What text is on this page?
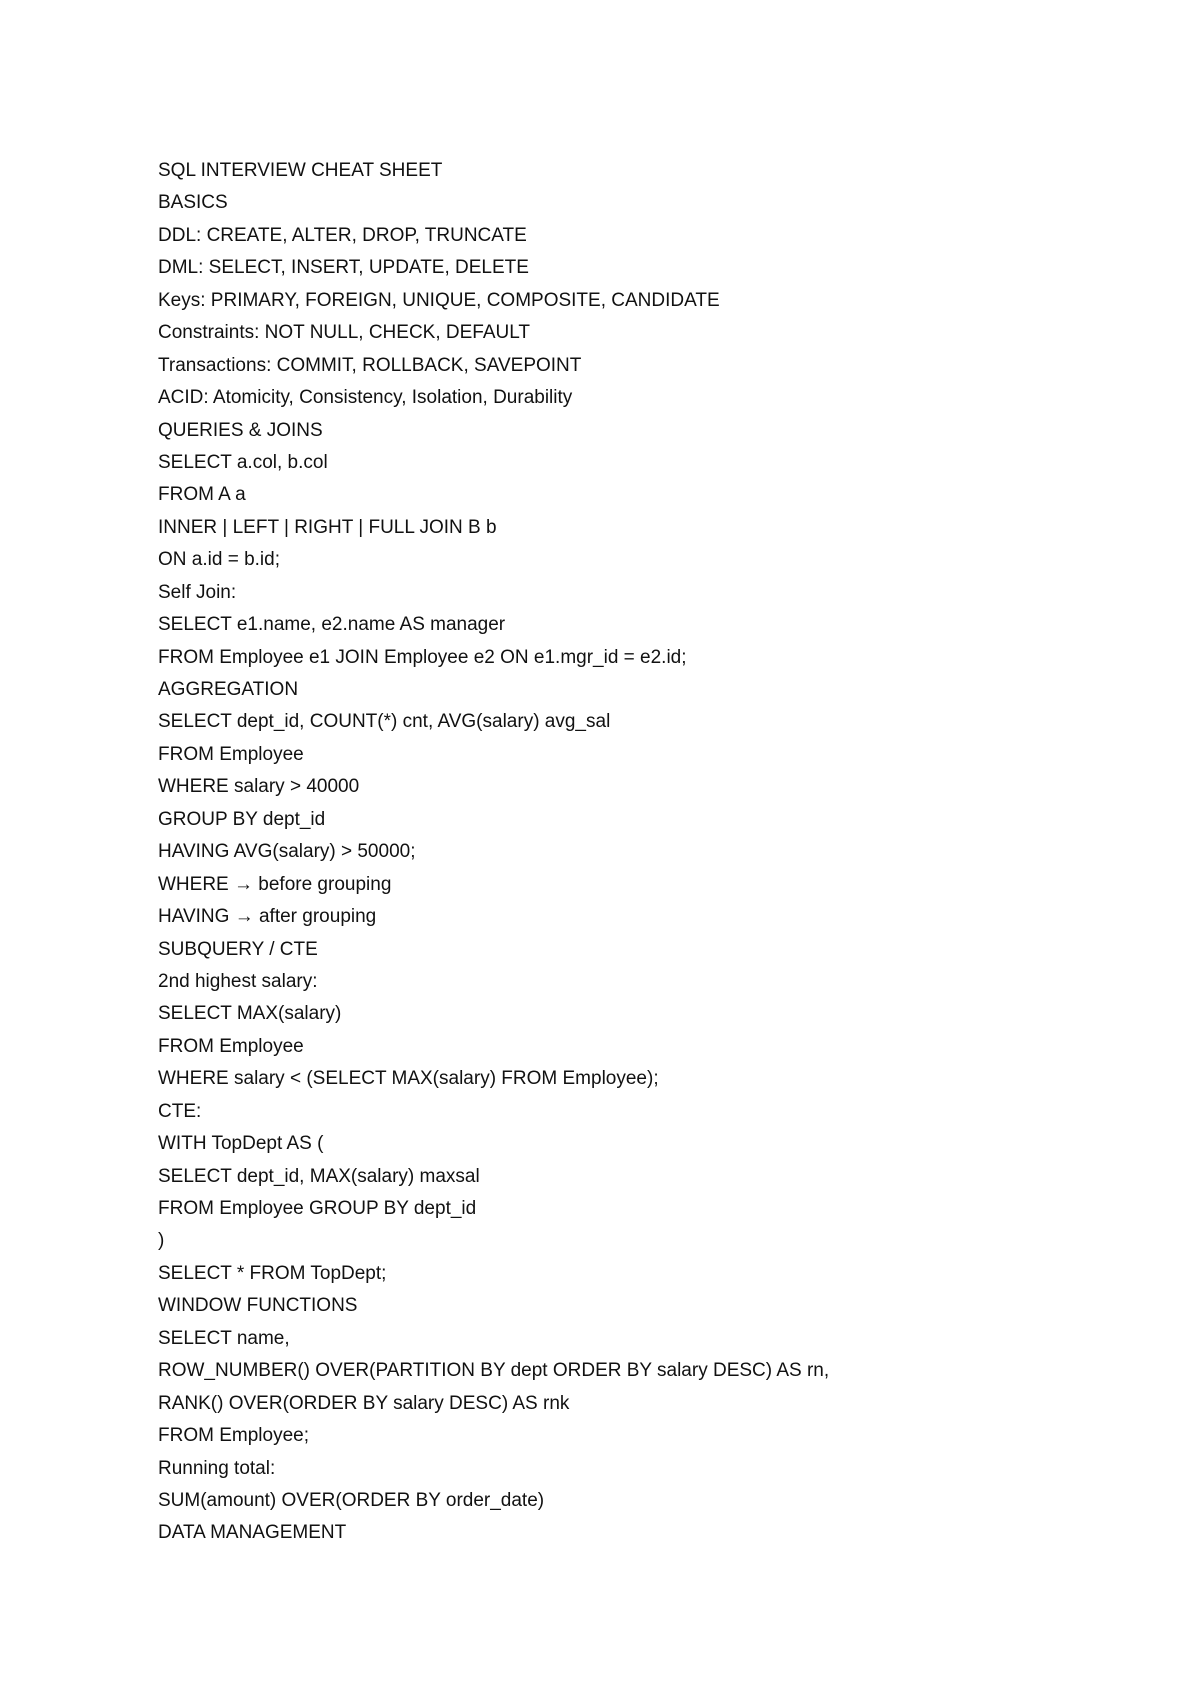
SQL INTERVIEW CHEAT SHEET
BASICS
DDL: CREATE, ALTER, DROP, TRUNCATE
DML: SELECT, INSERT, UPDATE, DELETE
Keys: PRIMARY, FOREIGN, UNIQUE, COMPOSITE, CANDIDATE
Constraints: NOT NULL, CHECK, DEFAULT
Transactions: COMMIT, ROLLBACK, SAVEPOINT
ACID: Atomicity, Consistency, Isolation, Durability
QUERIES & JOINS
SELECT a.col, b.col
FROM A a
INNER | LEFT | RIGHT | FULL JOIN B b
ON a.id = b.id;
Self Join:
SELECT e1.name, e2.name AS manager
FROM Employee e1 JOIN Employee e2 ON e1.mgr_id = e2.id;
AGGREGATION
SELECT dept_id, COUNT(*) cnt, AVG(salary) avg_sal
FROM Employee
WHERE salary > 40000
GROUP BY dept_id
HAVING AVG(salary) > 50000;
WHERE → before grouping
HAVING → after grouping
SUBQUERY / CTE
2nd highest salary:
SELECT MAX(salary)
FROM Employee
WHERE salary < (SELECT MAX(salary) FROM Employee);
CTE:
WITH TopDept AS (
SELECT dept_id, MAX(salary) maxsal
FROM Employee GROUP BY dept_id
)
SELECT * FROM TopDept;
WINDOW FUNCTIONS
SELECT name,
ROW_NUMBER() OVER(PARTITION BY dept ORDER BY salary DESC) AS rn,
RANK() OVER(ORDER BY salary DESC) AS rnk
FROM Employee;
Running total:
SUM(amount) OVER(ORDER BY order_date)
DATA MANAGEMENT
